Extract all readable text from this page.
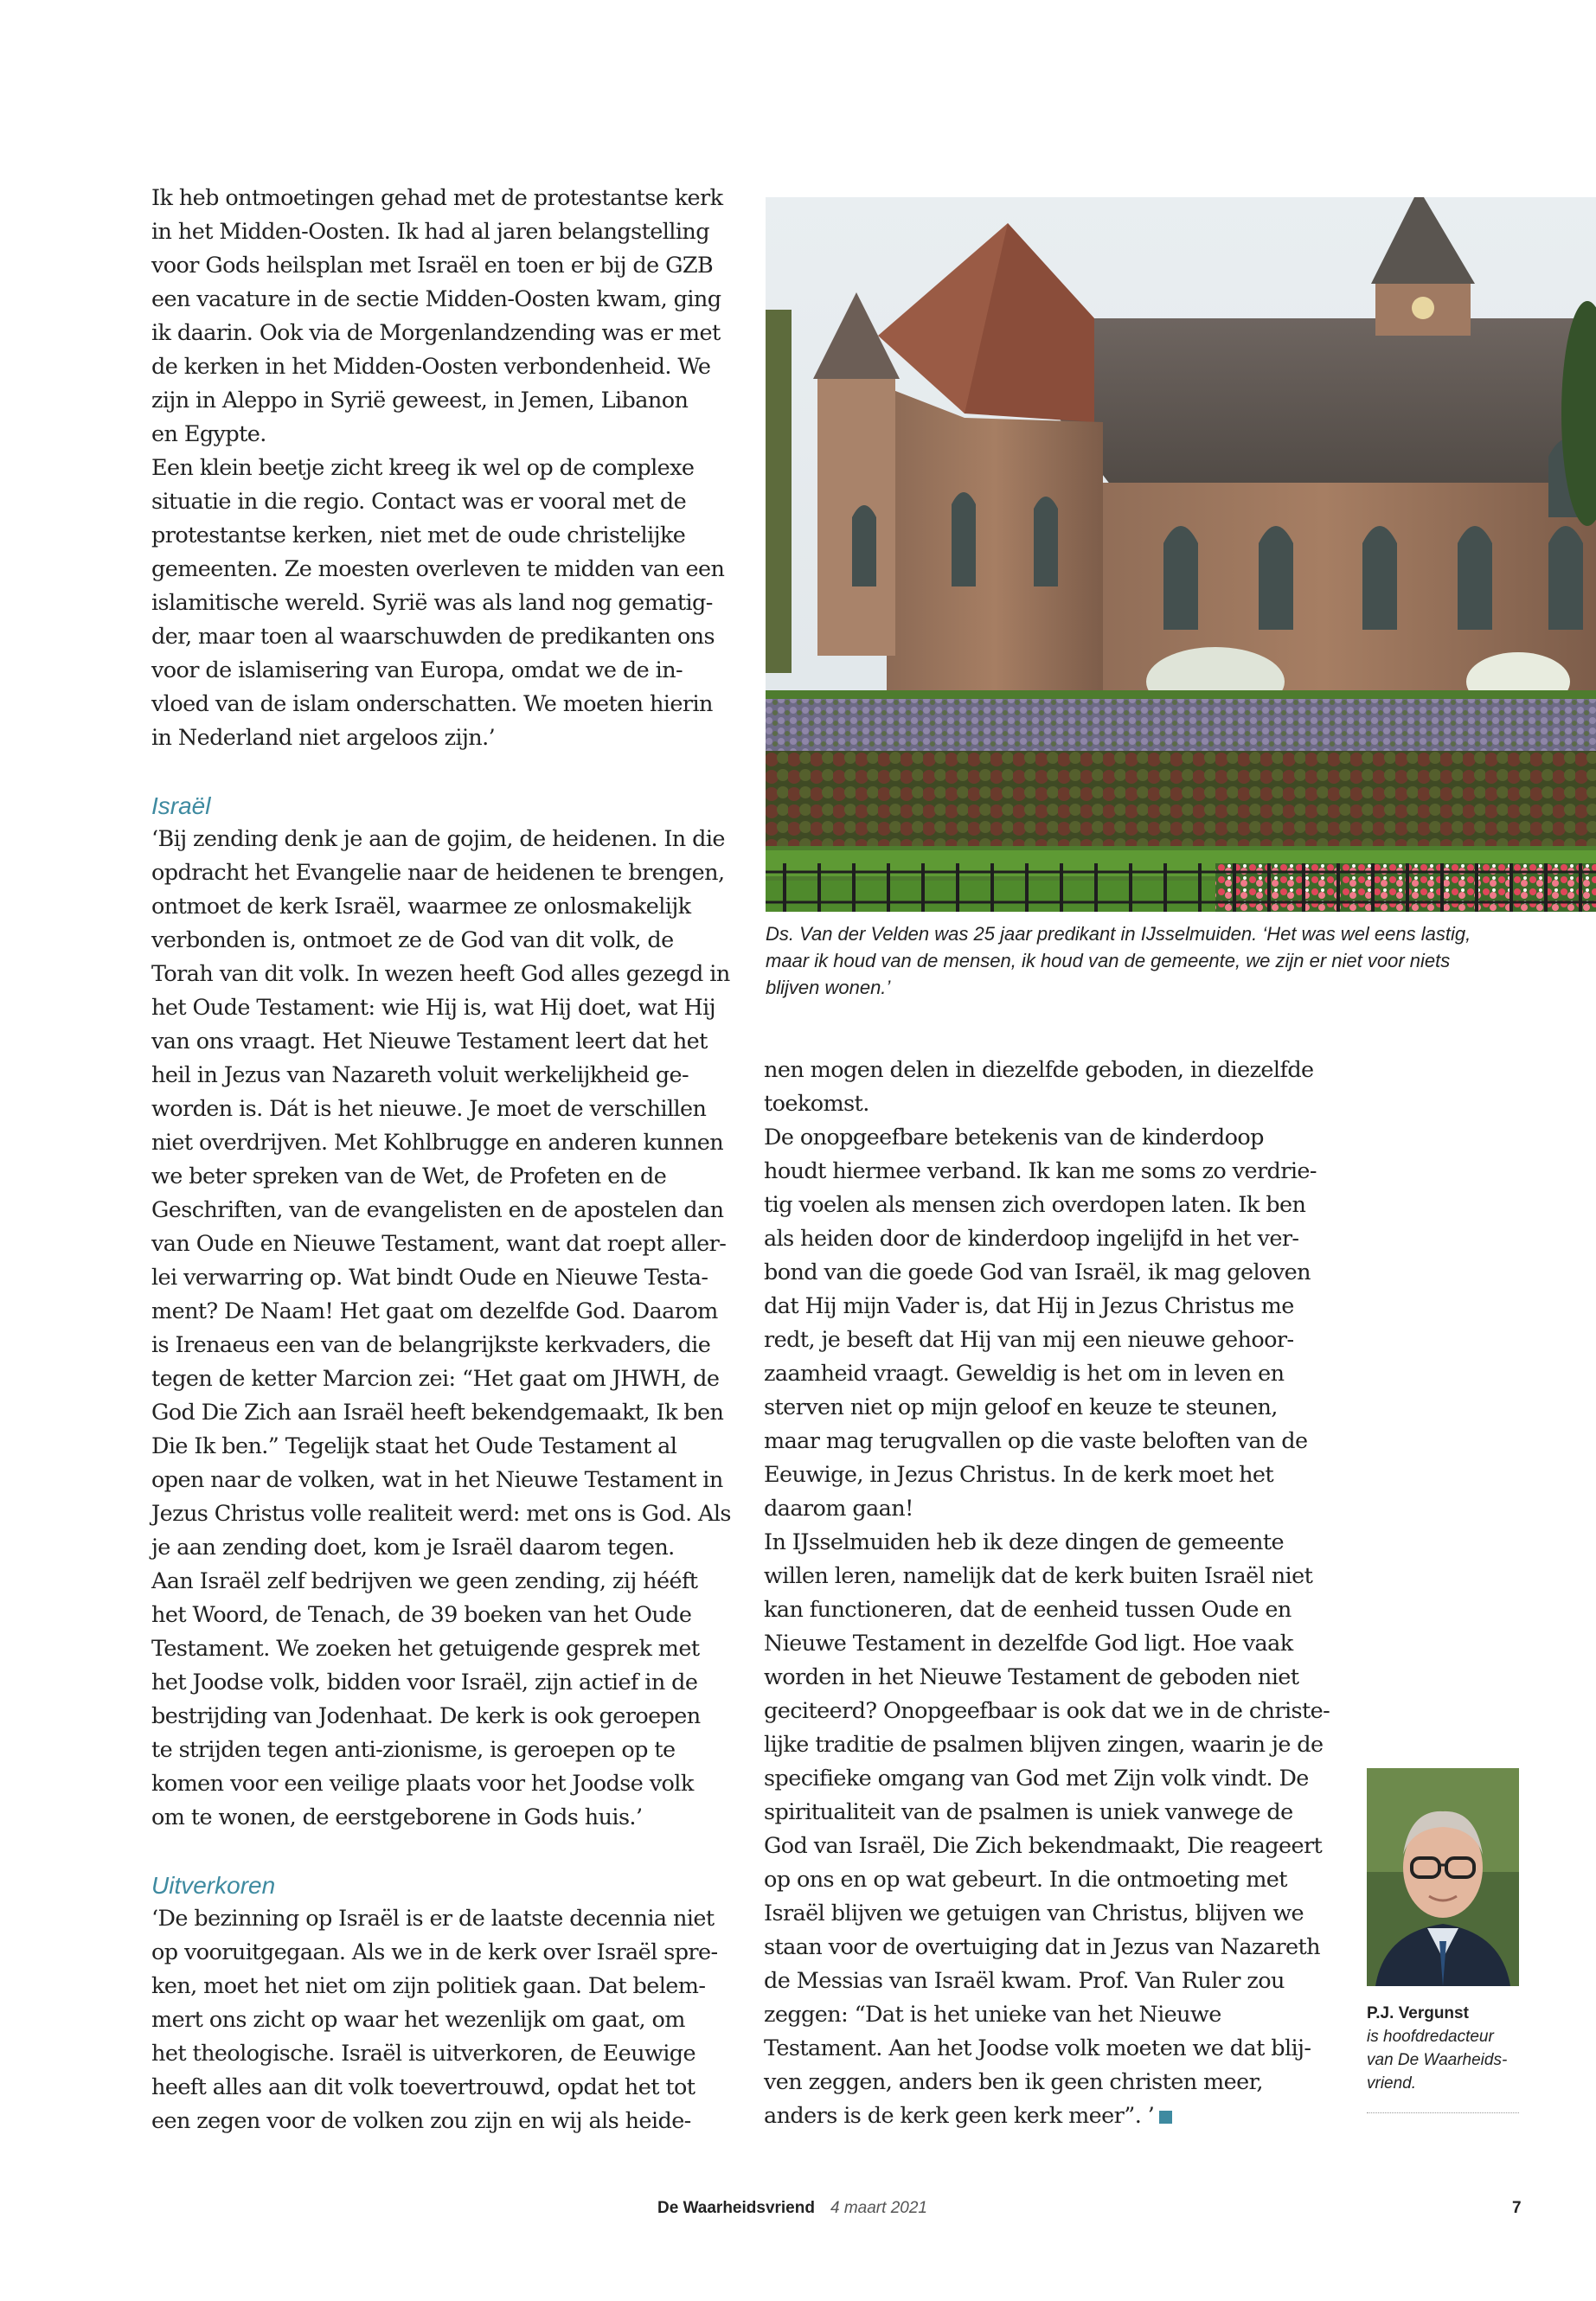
Ik heb ontmoetingen gehad met de protestantse kerk
in het Midden-Oosten. Ik had al jaren belangstelling
voor Gods heilsplan met Israël en toen er bij de GZB
een vacature in de sectie Midden-Oosten kwam, ging
ik daarin. Ook via de Morgenlandzending was er met
de kerken in het Midden-Oosten verbondenheid. We
zijn in Aleppo in Syrië geweest, in Jemen, Libanon
en Egypte.
Een klein beetje zicht kreeg ik wel op de complexe
situatie in die regio. Contact was er vooral met de
protestantse kerken, niet met de oude christelijke
gemeenten. Ze moesten overleven te midden van een
islamitische wereld. Syrië was als land nog gematig-
der, maar toen al waarschuwden de predikanten ons
voor de islamisering van Europa, omdat we de in-
vloed van de islam onderschatten. We moeten hierin
in Nederland niet argeloos zijn.’
Israël
‘Bij zending denk je aan de gojim, de heidenen. In die
opdracht het Evangelie naar de heidenen te brengen,
ontmoet de kerk Israël, waarmee ze onlosmakelijk
verbonden is, ontmoet ze de God van dit volk, de
Torah van dit volk. In wezen heeft God alles gezegd in
het Oude Testament: wie Hij is, wat Hij doet, wat Hij
van ons vraagt. Het Nieuwe Testament leert dat het
heil in Jezus van Nazareth voluit werkelijkheid ge-
worden is. Dát is het nieuwe. Je moet de verschillen
niet overdrijven. Met Kohlbrugge en anderen kunnen
we beter spreken van de Wet, de Profeten en de
Geschriften, van de evangelisten en de apostelen dan
van Oude en Nieuwe Testament, want dat roept aller-
lei verwarring op. Wat bindt Oude en Nieuwe Testa-
ment? De Naam! Het gaat om dezelfde God. Daarom
is Irenaeus een van de belangrijkste kerkvaders, die
tegen de ketter Marcion zei: “Het gaat om JHWH, de
God Die Zich aan Israël heeft bekendgemaakt, Ik ben
Die Ik ben.” Tegelijk staat het Oude Testament al
open naar de volken, wat in het Nieuwe Testament in
Jezus Christus volle realiteit werd: met ons is God. Als
je aan zending doet, kom je Israël daarom tegen.
Aan Israël zelf bedrijven we geen zending, zij hééft
het Woord, de Tenach, de 39 boeken van het Oude
Testament. We zoeken het getuigende gesprek met
het Joodse volk, bidden voor Israël, zijn actief in de
bestrijding van Jodenhaat. De kerk is ook geroepen
te strijden tegen anti-zionisme, is geroepen op te
komen voor een veilige plaats voor het Joodse volk
om te wonen, de eerstgeborene in Gods huis.’
Uitverkoren
‘De bezinning op Israël is er de laatste decennia niet
op vooruitgegaan. Als we in de kerk over Israël spre-
ken, moet het niet om zijn politiek gaan. Dat belem-
mert ons zicht op waar het wezenlijk om gaat, om
het theologische. Israël is uitverkoren, de Eeuwige
heeft alles aan dit volk toevertrouwd, opdat het tot
een zegen voor de volken zou zijn en wij als heide-
Ds. Van der Velden was 25 jaar predikant in IJsselmuiden. ‘Het was wel eens lastig,
maar ik houd van de mensen, ik houd van de gemeente, we zijn er niet voor niets
blijven wonen.’
nen mogen delen in diezelfde geboden, in diezelfde
toekomst.
De onopgeefbare betekenis van de kinderdoop
houdt hiermee verband. Ik kan me soms zo verdrie-
tig voelen als mensen zich overdopen laten. Ik ben
als heiden door de kinderdoop ingelijfd in het ver-
bond van die goede God van Israël, ik mag geloven
dat Hij mijn Vader is, dat Hij in Jezus Christus me
redt, je beseft dat Hij van mij een nieuwe gehoor-
zaamheid vraagt. Geweldig is het om in leven en
sterven niet op mijn geloof en keuze te steunen,
maar mag terugvallen op die vaste beloften van de
Eeuwige, in Jezus Christus. In de kerk moet het
daarom gaan!
In IJsselmuiden heb ik deze dingen de gemeente
willen leren, namelijk dat de kerk buiten Israël niet
kan functioneren, dat de eenheid tussen Oude en
Nieuwe Testament in dezelfde God ligt. Hoe vaak
worden in het Nieuwe Testament de geboden niet
geciteerd? Onopgeefbaar is ook dat we in de christe-
lijke traditie de psalmen blijven zingen, waarin je de
specifieke omgang van God met Zijn volk vindt. De
spiritualiteit van de psalmen is uniek vanwege de
God van Israël, Die Zich bekendmaakt, Die reageert
op ons en op wat gebeurt. In die ontmoeting met
Israël blijven we getuigen van Christus, blijven we
staan voor de overtuiging dat in Jezus van Nazareth
de Messias van Israël kwam. Prof. Van Ruler zou
zeggen: “Dat is het unieke van het Nieuwe
Testament. Aan het Joodse volk moeten we dat blij-
ven zeggen, anders ben ik geen christen meer,
anders is de kerk geen kerk meer”. ’
P.J. Vergunst
is hoofdredacteur
van De Waarheids-
vriend.
De Waarheidsvriend 4 maart 2021	7
